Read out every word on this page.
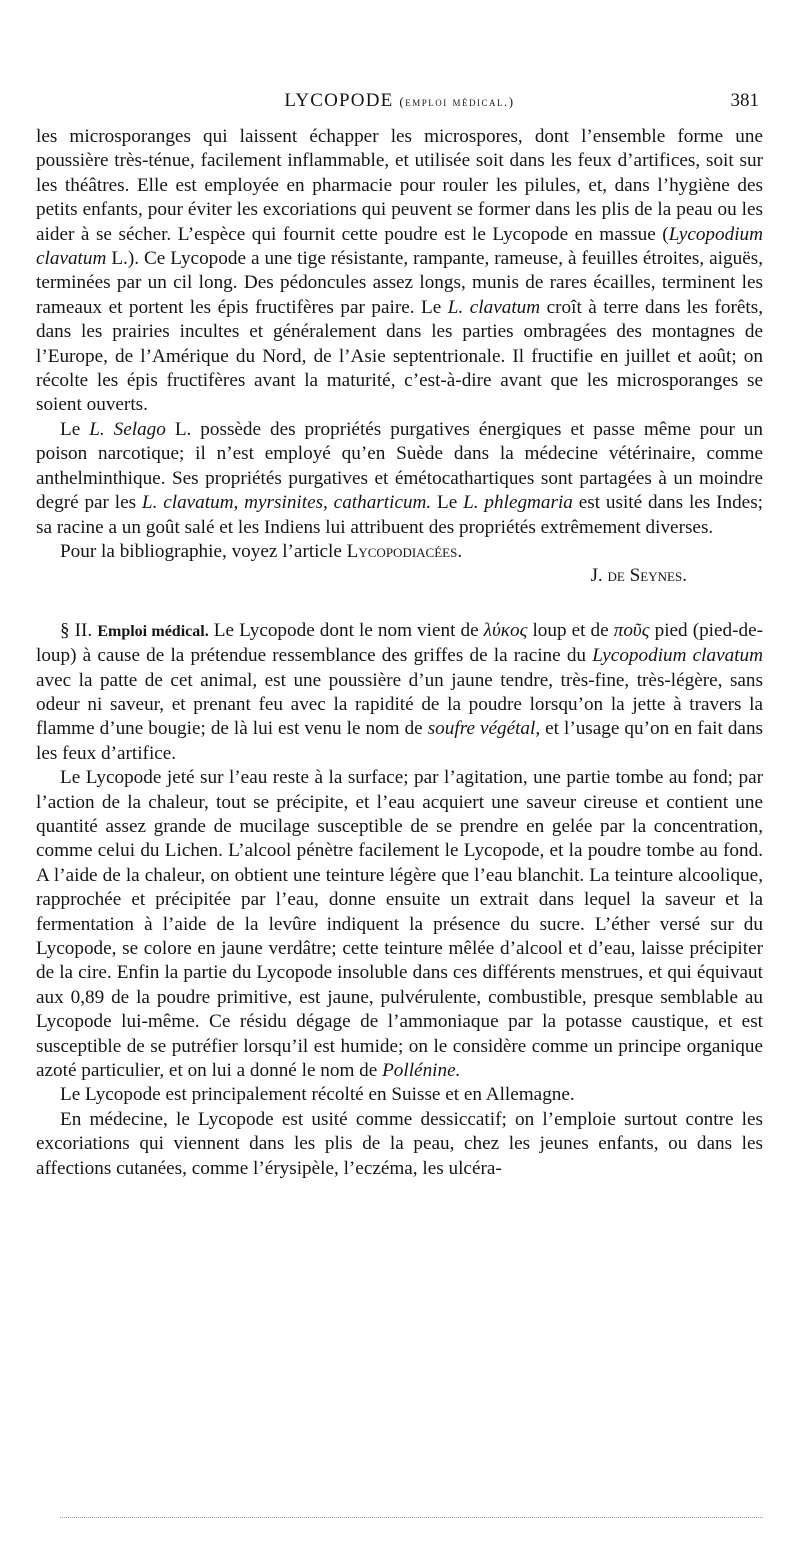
LYCOPODE (emploi médical.)	381

les microsporanges qui laissent échapper les microspores, dont l’ensemble forme une poussière très-ténue, facilement inflammable, et utilisée soit dans les feux d’artifices, soit sur les théâtres. Elle est employée en pharmacie pour rouler les pilules, et, dans l’hygiène des petits enfants, pour éviter les excoriations qui peuvent se former dans les plis de la peau ou les aider à se sécher. L’espèce qui fournit cette poudre est le Lycopode en massue (Lycopodium clavatum L.). Ce Lycopode a une tige résistante, rampante, rameuse, à feuilles étroites, aiguës, terminées par un cil long. Des pédoncules assez longs, munis de rares écailles, terminent les rameaux et portent les épis fructifères par paire. Le L. clavatum croît à terre dans les forêts, dans les prairies incultes et généralement dans les parties ombragées des montagnes de l’Europe, de l’Amérique du Nord, de l’Asie septentrionale. Il fructifie en juillet et août; on récolte les épis fructifères avant la maturité, c’est-à-dire avant que les microsporanges se soient ouverts.

Le L. Selago L. possède des propriétés purgatives énergiques et passe même pour un poison narcotique; il n’est employé qu’en Suède dans la médecine vétérinaire, comme anthelminthique. Ses propriétés purgatives et émétocathartiques sont partagées à un moindre degré par les L. clavatum, myrsinites, catharticum. Le L. phlegmaria est usité dans les Indes; sa racine a un goût salé et les Indiens lui attribuent des propriétés extrêmement diverses.

Pour la bibliographie, voyez l’article Lycopodiacées.

J. de Seynes.

§ II. Emploi médical. Le Lycopode dont le nom vient de λύκος loup et de ποῦς pied (pied-de-loup) à cause de la prétendue ressemblance des griffes de la racine du Lycopodium clavatum avec la patte de cet animal, est une poussière d’un jaune tendre, très-fine, très-légère, sans odeur ni saveur, et prenant feu avec la rapidité de la poudre lorsqu’on la jette à travers la flamme d’une bougie; de là lui est venu le nom de soufre végétal, et l’usage qu’on en fait dans les feux d’artifice.

Le Lycopode jeté sur l’eau reste à la surface; par l’agitation, une partie tombe au fond; par l’action de la chaleur, tout se précipite, et l’eau acquiert une saveur cireuse et contient une quantité assez grande de mucilage susceptible de se prendre en gelée par la concentration, comme celui du Lichen. L’alcool pénètre facilement le Lycopode, et la poudre tombe au fond. A l’aide de la chaleur, on obtient une teinture légère que l’eau blanchit. La teinture alcoolique, rapprochée et précipitée par l’eau, donne ensuite un extrait dans lequel la saveur et la fermentation à l’aide de la levûre indiquent la présence du sucre. L’éther versé sur du Lycopode, se colore en jaune verdâtre; cette teinture mêlée d’alcool et d’eau, laisse précipiter de la cire. Enfin la partie du Lycopode insoluble dans ces différents menstrues, et qui équivaut aux 0,89 de la poudre primitive, est jaune, pulvérulente, combustible, presque semblable au Lycopode lui-même. Ce résidu dégage de l’ammoniaque par la potasse caustique, et est susceptible de se putréfier lorsqu’il est humide; on le considère comme un principe organique azoté particulier, et on lui a donné le nom de Pollénine.

Le Lycopode est principalement récolté en Suisse et en Allemagne.

En médecine, le Lycopode est usité comme dessiccatif; on l’emploie surtout contre les excoriations qui viennent dans les plis de la peau, chez les jeunes enfants, ou dans les affections cutanées, comme l’érysipèle, l’eczéma, les ulcéra-
